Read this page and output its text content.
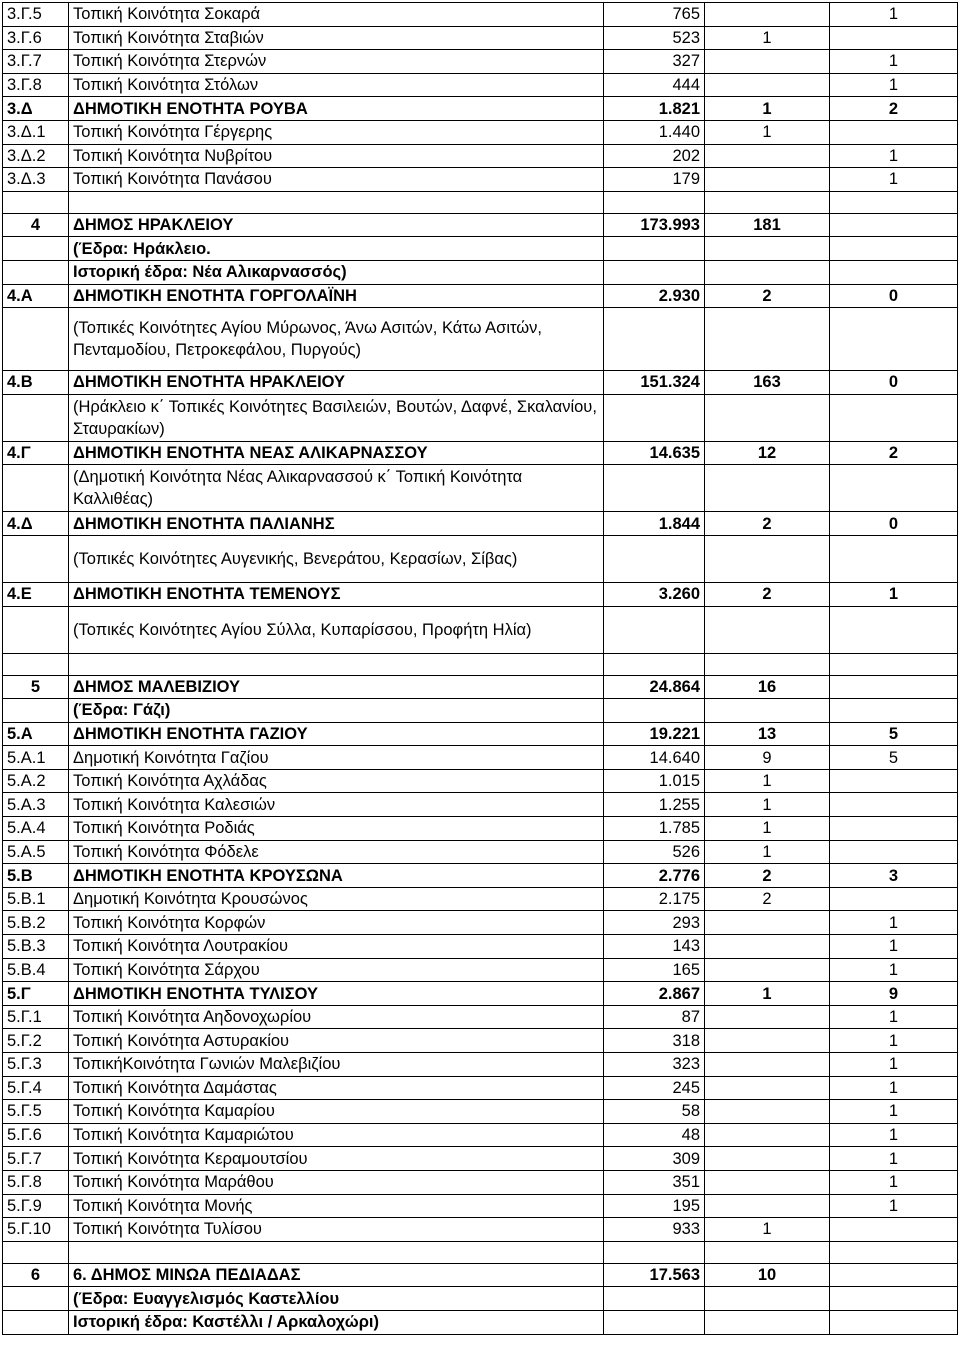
3.Γ.5	Τοπική Κοινότητα Σοκαρά	765		1
3.Γ.6	Τοπική Κοινότητα Σταβιών	523	1	
3.Γ.7	Τοπική Κοινότητα Στερνών	327		1
3.Γ.8	Τοπική Κοινότητα Στόλων	444		1
3.Δ	ΔΗΜΟΤΙΚΗ ΕΝΟΤΗΤΑ ΡΟΥΒΑ	1.821	1	2
3.Δ.1	Τοπική Κοινότητα Γέργερης	1.440	1	
3.Δ.2	Τοπική Κοινότητα Νυβρίτου	202		1
3.Δ.3	Τοπική Κοινότητα Πανάσου	179		1

4	ΔΗΜΟΣ ΗΡΑΚΛΕΙΟΥ	173.993	181	
	(Έδρα: Ηράκλειο.			
	Ιστορική έδρα: Νέα Αλικαρνασσός)			
4.Α	ΔΗΜΟΤΙΚΗ ΕΝΟΤΗΤΑ ΓΟΡΓΟΛΑΪΝΗ	2.930	2	0
	(Τοπικές Κοινότητες Αγίου Μύρωνος, Άνω Ασιτών, Κάτω Ασιτών, Πενταμοδίου, Πετροκεφάλου, Πυργούς)			
4.Β	ΔΗΜΟΤΙΚΗ ΕΝΟΤΗΤΑ ΗΡΑΚΛΕΙΟΥ	151.324	163	0
	(Ηράκλειο κ΄ Τοπικές Κοινότητες Βασιλειών, Βουτών, Δαφνέ, Σκαλανίου, Σταυρακίων)			
4.Γ	ΔΗΜΟΤΙΚΗ ΕΝΟΤΗΤΑ ΝΕΑΣ ΑΛΙΚΑΡΝΑΣΣΟΥ	14.635	12	2
	(Δημοτική Κοινότητα Νέας Αλικαρνασσού κ΄ Τοπική Κοινότητα Καλλιθέας)			
4.Δ	ΔΗΜΟΤΙΚΗ ΕΝΟΤΗΤΑ ΠΑΛΙΑΝΗΣ	1.844	2	0
	(Τοπικές Κοινότητες Αυγενικής, Βενεράτου, Κερασίων, Σίβας)			
4.Ε	ΔΗΜΟΤΙΚΗ ΕΝΟΤΗΤΑ ΤΕΜΕΝΟΥΣ	3.260	2	1
	(Τοπικές Κοινότητες Αγίου Σύλλα, Κυπαρίσσου, Προφήτη Ηλία)			

5	ΔΗΜΟΣ ΜΑΛΕΒΙΖΙΟΥ	24.864	16	
	(Έδρα: Γάζι)			
5.Α	ΔΗΜΟΤΙΚΗ ΕΝΟΤΗΤΑ ΓΑΖΙΟΥ	19.221	13	5
5.Α.1	Δημοτική Κοινότητα Γαζίου	14.640	9	5
5.Α.2	Τοπική Κοινότητα Αχλάδας	1.015	1	
5.Α.3	Τοπική Κοινότητα Καλεσιών	1.255	1	
5.Α.4	Τοπική Κοινότητα Ροδιάς	1.785	1	
5.Α.5	Τοπική Κοινότητα Φόδελε	526	1	
5.Β	ΔΗΜΟΤΙΚΗ ΕΝΟΤΗΤΑ ΚΡΟΥΣΩΝΑ	2.776	2	3
5.Β.1	Δημοτική Κοινότητα Κρουσώνος	2.175	2	
5.Β.2	Τοπική Κοινότητα Κορφών	293		1
5.Β.3	Τοπική Κοινότητα Λουτρακίου	143		1
5.Β.4	Τοπική Κοινότητα Σάρχου	165		1
5.Γ	ΔΗΜΟΤΙΚΗ ΕΝΟΤΗΤΑ ΤΥΛΙΣΟΥ	2.867	1	9
5.Γ.1	Τοπική Κοινότητα Αηδονοχωρίου	87		1
5.Γ.2	Τοπική Κοινότητα Αστυρακίου	318		1
5.Γ.3	ΤοπικήΚοινότητα Γωνιών Μαλεβιζίου	323		1
5.Γ.4	Τοπική Κοινότητα Δαμάστας	245		1
5.Γ.5	Τοπική Κοινότητα Καμαρίου	58		1
5.Γ.6	Τοπική Κοινότητα Καμαριώτου	48		1
5.Γ.7	Τοπική Κοινότητα Κεραμουτσίου	309		1
5.Γ.8	Τοπική Κοινότητα Μαράθου	351		1
5.Γ.9	Τοπική Κοινότητα Μονής	195		1
5.Γ.10	Τοπική Κοινότητα Τυλίσου	933	1	

6	6. ΔΗΜΟΣ ΜΙΝΩΑ ΠΕΔΙΑΔΑΣ	17.563	10	
	(Έδρα: Ευαγγελισμός Καστελλίου			
	Ιστορική έδρα: Καστέλλι / Αρκαλοχώρι)			
